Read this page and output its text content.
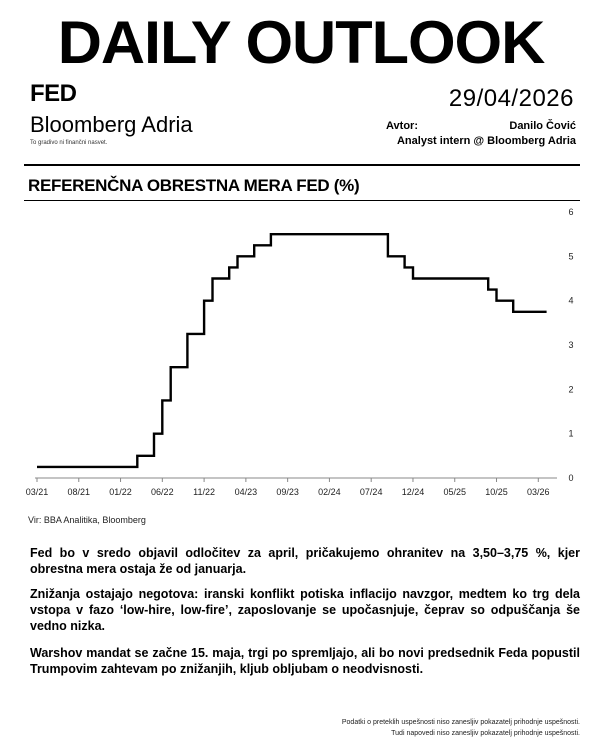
DAILY OUTLOOK
FED	29/04/2026
Bloomberg Adria
To gradivo ni finančni nasvet.
Avtor:	Danilo Čović
Analyst intern @ Bloomberg Adria
REFERENČNA OBRESTNA MERA FED (%)
03/21 08/21 01/22 06/22 11/22 04/23 09/23 02/24 07/24 12/24 05/25 10/25 03/26
0
1
2
3
4
5
6
Vir: BBA Analitika, Bloomberg

Fed bo v sredo objavil odločitev za april, pričakujemo ohranitev na 3,50–3,75 %, kjer obrestna mera ostaja že od januarja.

Znižanja ostajajo negotova: iranski konflikt potiska inflacijo navzgor, medtem ko trg dela vstopa v fazo ‘low-hire, low-fire’, zaposlovanje se upočasnjuje, čeprav so odpuščanja še vedno nizka.

Warshov mandat se začne 15. maja, trgi po spremljajo, ali bo novi predsednik Feda popustil Trumpovim zahtevam po znižanjih, kljub obljubam o neodvisnosti.

Podatki o preteklih uspešnosti niso zanesljiv pokazatelj prihodnje uspešnosti.
Tudi napovedi niso zanesljiv pokazatelj prihodnje uspešnosti.
